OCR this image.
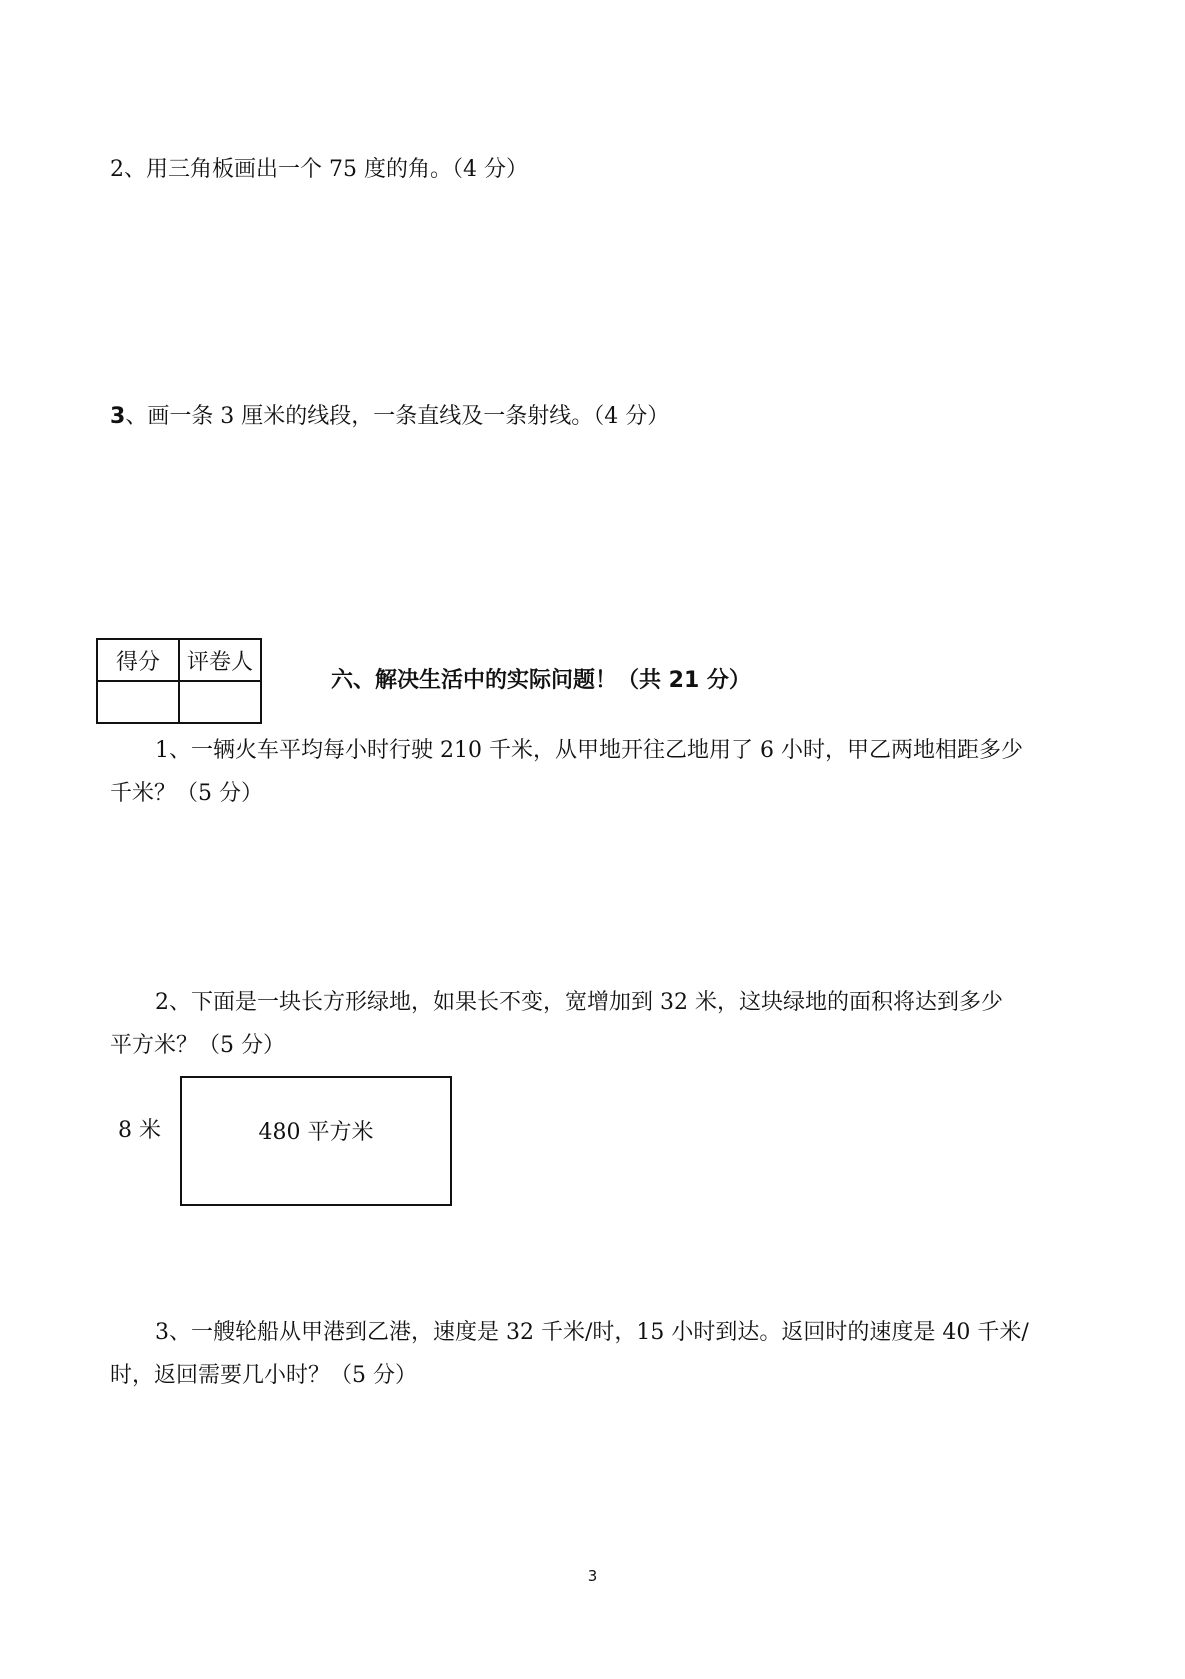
2、用三角板画出一个 75 度的角。（4 分）
3、画一条 3 厘米的线段，一条直线及一条射线。（4 分）
得分	评卷人

六、解决生活中的实际问题！（共 21 分）
1、一辆火车平均每小时行驶 210 千米，从甲地开往乙地用了 6 小时，甲乙两地相距多少
千米？（5 分）
2、下面是一块长方形绿地，如果长不变，宽增加到 32 米，这块绿地的面积将达到多少
平方米？（5 分）
8 米	480 平方米
3、一艘轮船从甲港到乙港，速度是 32 千米/时，15 小时到达。返回时的速度是 40 千米/
时，返回需要几小时？（5 分）
3
